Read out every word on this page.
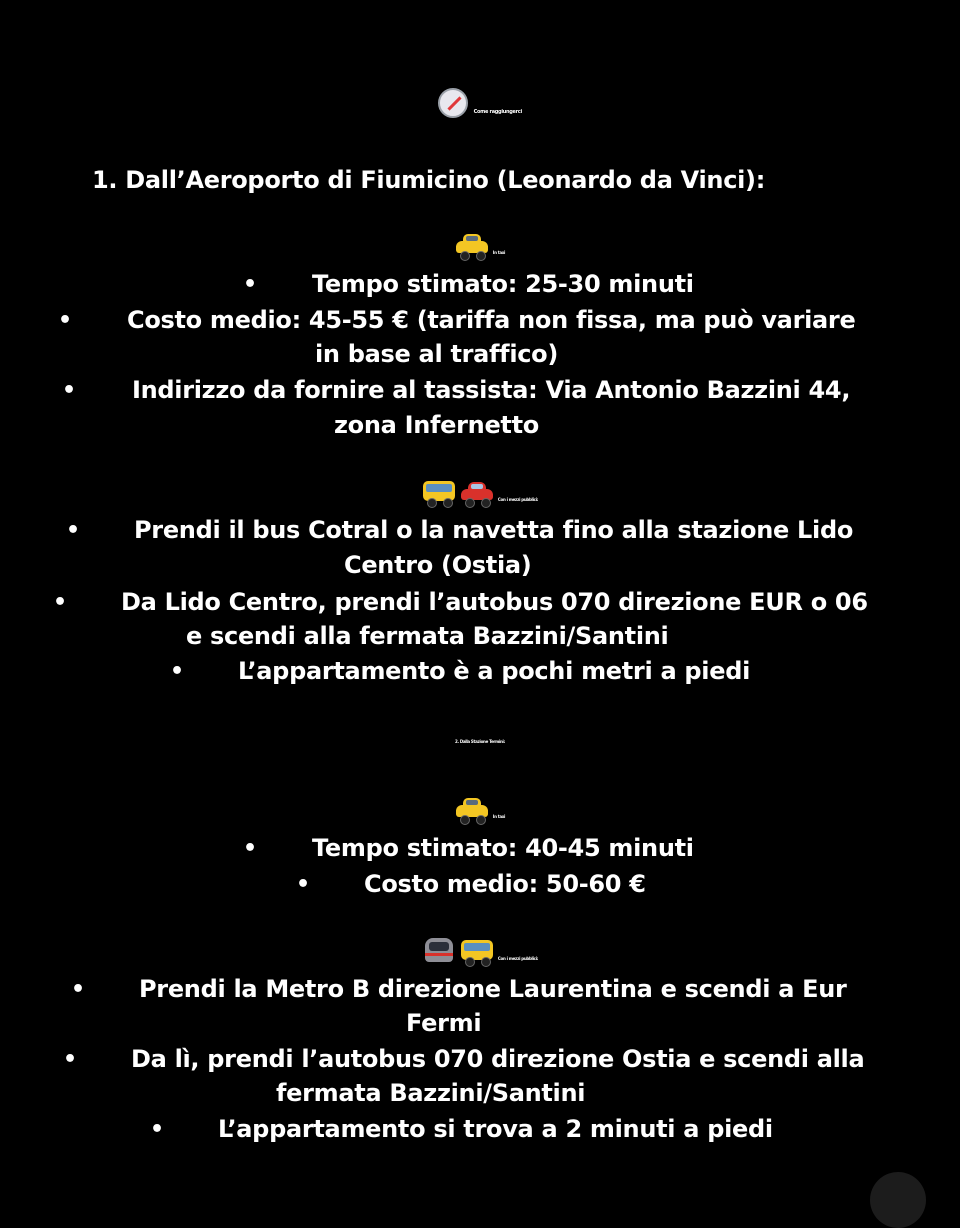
Come raggiungerci
1. Dall’Aeroporto di Fiumicino (Leonardo da Vinci):
In taxi
• Tempo stimato: 25-30 minuti
• Costo medio: 45-55 € (tariffa non fissa, ma può variare
in base al traffico)
• Indirizzo da fornire al tassista: Via Antonio Bazzini 44,
zona Infernetto
Con i mezzi pubblici:
• Prendi il bus Cotral o la navetta fino alla stazione Lido
Centro (Ostia)
• Da Lido Centro, prendi l’autobus 070 direzione EUR o 06
e scendi alla fermata Bazzini/Santini
• L’appartamento è a pochi metri a piedi
2. Dalla Stazione Termini:
In taxi
• Tempo stimato: 40-45 minuti
• Costo medio: 50-60 €
Con i mezzi pubblici:
• Prendi la Metro B direzione Laurentina e scendi a Eur
Fermi
• Da lì, prendi l’autobus 070 direzione Ostia e scendi alla
fermata Bazzini/Santini
• L’appartamento si trova a 2 minuti a piedi
